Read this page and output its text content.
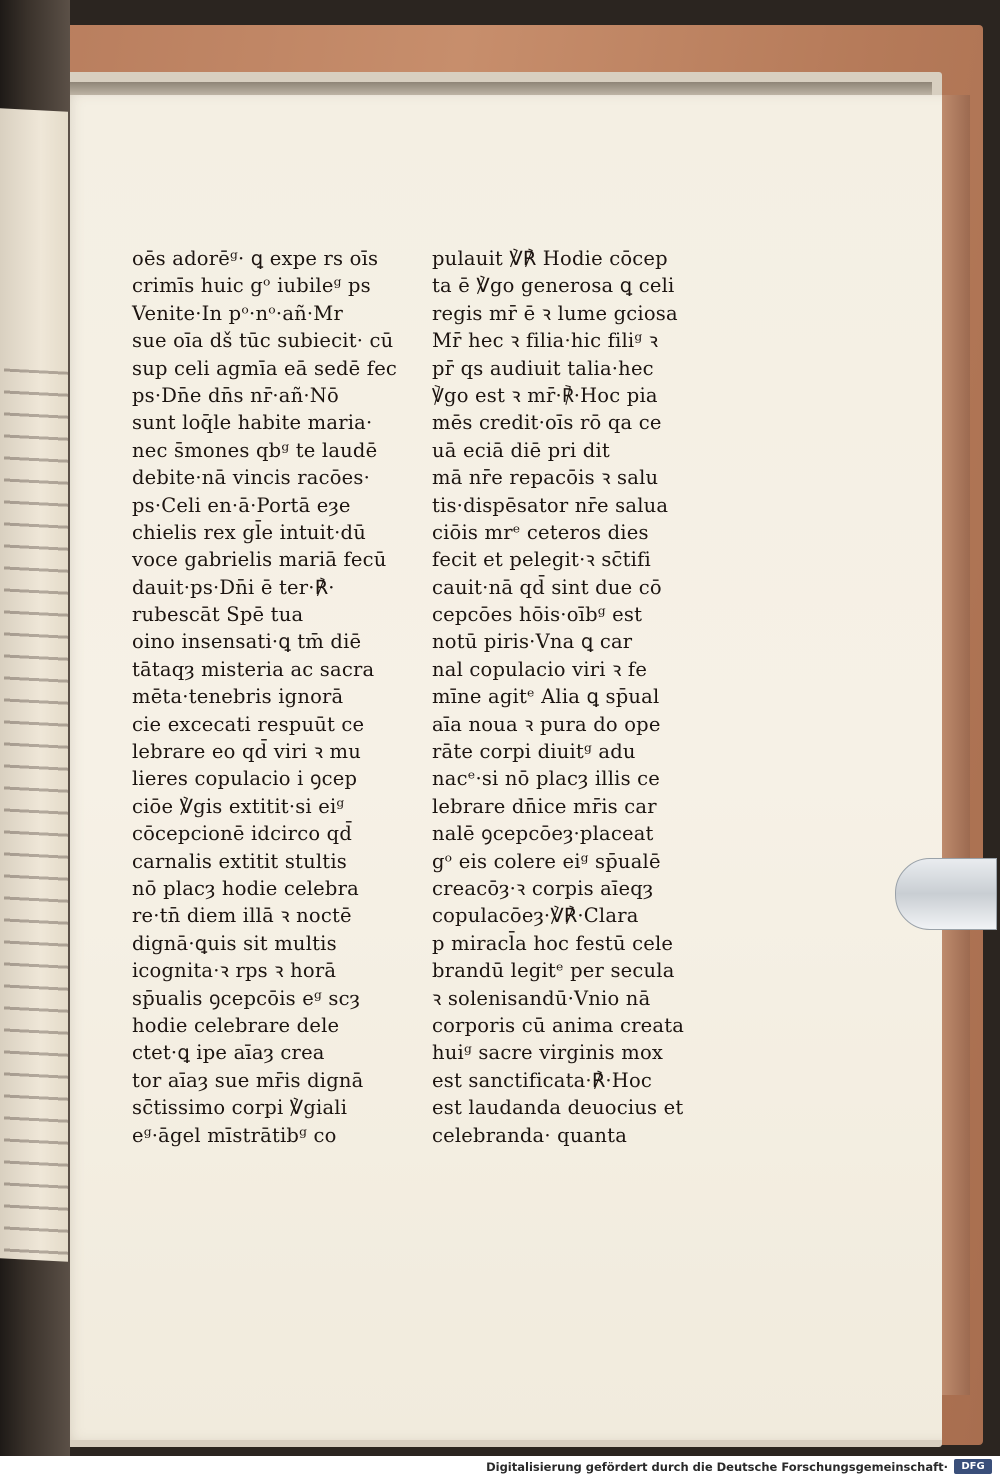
oēs adorēᵍ· ꝗ expe rs oīs
crimīs huic gᵒ iubileᵍ ps
Venite·In pᵒ·nᵒ·añ·Mr
sue oīa dš tūc subiecit· cū
sup celi agmīa eā sedē fec
ps·Dn̄e dn̄s nr̄·añ·Nō
sunt loq̄le habite maria·
nec s̄mones qbᵍ te laudē
debite·nā vincis racōes·
ps·Celi en·ā·Portā eȝe
chielis rex gl̄e intuit·dū
voce gabrielis mariā fecū
dauit·ps·Dn̄i ē ter·℟·
rubescāt Spē tua
oino insensati·ꝗ tm̄ diē
tātaqȝ misteria ac sacra
mēta·tenebris ignorā
cie excecati respuūt ce
lebrare eo qd̄ viri ꝛ mu
lieres copulacio i ꝯcep
ciōe ℣gis extitit·si eiᵍ
cōcepcionē idcirco qd̄
carnalis extitit stultis
nō placȝ hodie celebra
re·tn̄ diem illā ꝛ noctē
dignā·ꝗuis sit multis
icognita·ꝛ rps ꝛ horā
sp̄ualis ꝯcepcōis eᵍ scȝ
hodie celebrare dele
ctet·ꝗ ipe aīaȝ crea
tor aīaȝ sue mr̄is dignā
sc̄tissimo corpi ℣giali
eᵍ·āgel mīstrātibᵍ co
pulauit ℣℟ Hodie cōcep
ta ē ℣go generosa ꝗ celi
regis mr̄ ē ꝛ lume gciosa
Mr̄ hec ꝛ filia·hic filiᵍ ꝛ
pr̄ qs audiuit talia·hec
℣go est ꝛ mr̄·℟·Hoc pia
mēs credit·oīs rō qa ce
uā eciā diē pri dit
mā nr̄e repacōis ꝛ salu
tis·dispēsator nr̄e salua
ciōis mrᵉ ceteros dies
fecit et pelegit·ꝛ sc̄tifi
cauit·nā qd̄ sint due cō
cepcōes hōis·oībᵍ est
notū piris·Vna ꝗ car
nal copulacio viri ꝛ fe
mīne agitᵉ Alia ꝗ sp̄ual
aīa noua ꝛ pura do ope
rāte corpi diuitᵍ adu
nacᵉ·si nō placȝ illis ce
lebrare dn̄ice mr̄is car
nalē ꝯcepcōeȝ·placeat
gᵒ eis colere eiᵍ sp̄ualē
creacōȝ·ꝛ corpis aīeqȝ
copulacōeȝ·℣℟·Clara
p miracl̄a hoc festū cele
brandū legitᵉ per secula
ꝛ solenisandū·Vnio nā
corporis cū anima creata
huiᵍ sacre virginis mox
est sanctificata·℟·Hoc
est laudanda deuocius et
celebranda· quanta
Digitalisierung gefördert durch die Deutsche Forschungsgemeinschaft·	DFG
